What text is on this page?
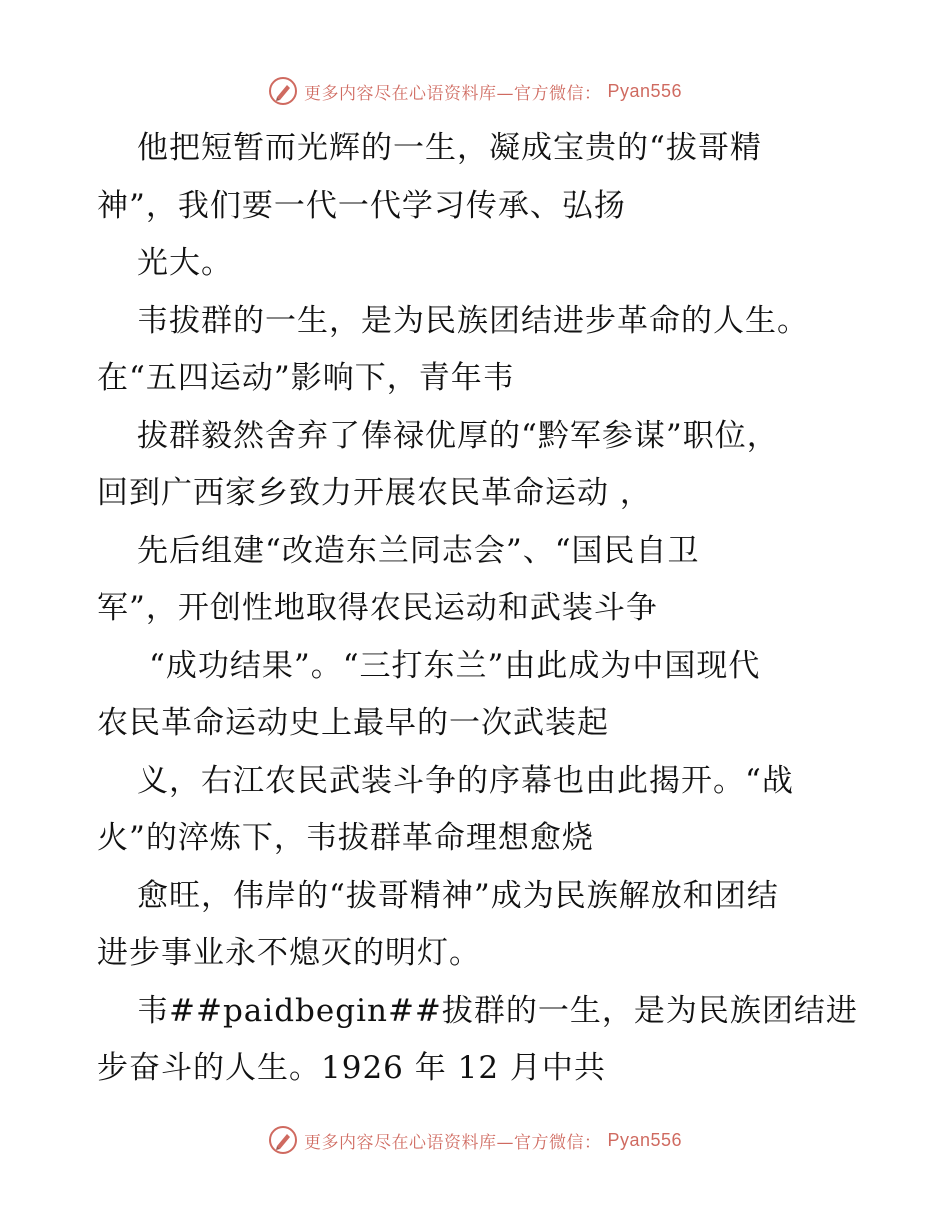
更多内容尽在心语资料库—官方微信： Pyan556
他把短暂而光辉的一生，凝成宝贵的“拔哥精
神”，我们要一代一代学习传承、弘扬
光大。
韦拔群的一生，是为民族团结进步革命的人生。
在“五四运动”影响下，青年韦
拔群毅然舍弃了俸禄优厚的“黔军参谋”职位，
回到广西家乡致力开展农民革命运动 ，
先后组建“改造东兰同志会”、“国民自卫
军”，开创性地取得农民运动和武装斗争
“成功结果”。“三打东兰”由此成为中国现代
农民革命运动史上最早的一次武装起
义，右江农民武装斗争的序幕也由此揭开。“战
火”的淬炼下，韦拔群革命理想愈烧
愈旺，伟岸的“拔哥精神”成为民族解放和团结
进步事业永不熄灭的明灯。
韦##paidbegin##拔群的一生，是为民族团结进
步奋斗的人生。1926 年 12 月中共
更多内容尽在心语资料库—官方微信： Pyan556
